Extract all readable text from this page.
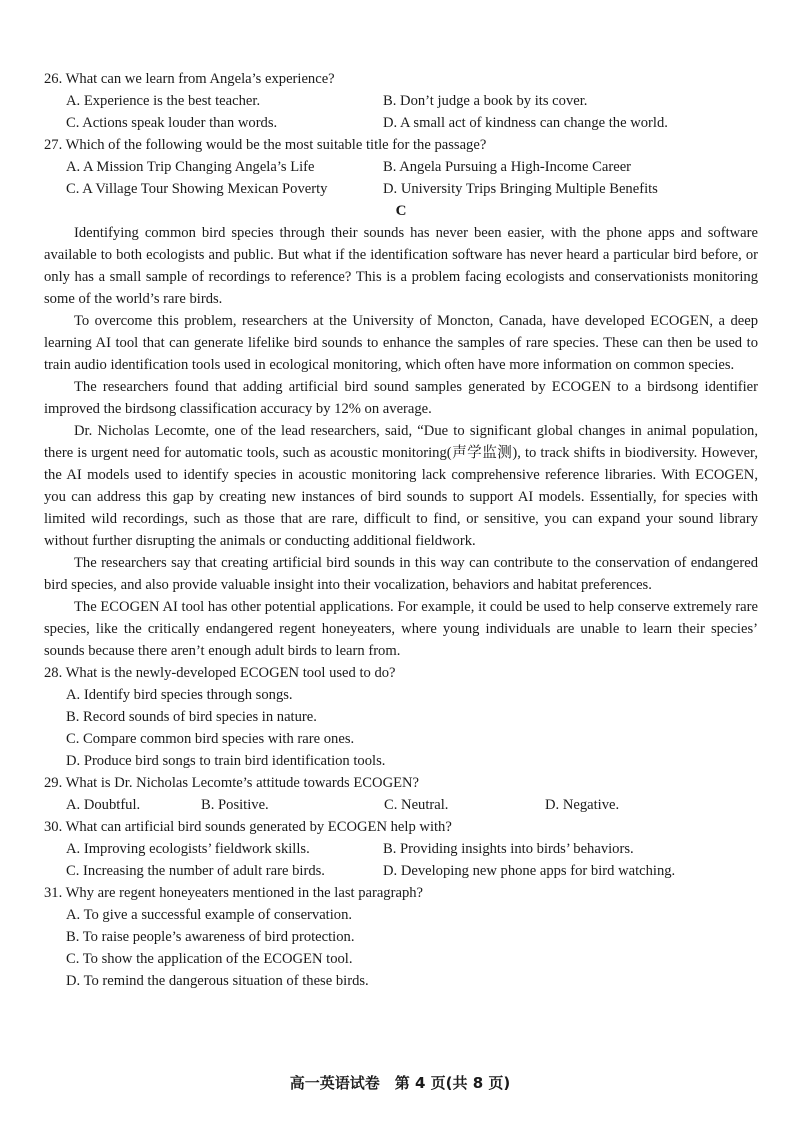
26. What can we learn from Angela’s experience?
A. Experience is the best teacher.	B. Don’t judge a book by its cover.
C. Actions speak louder than words.	D. A small act of kindness can change the world.
27. Which of the following would be the most suitable title for the passage?
A. A Mission Trip Changing Angela’s Life	B. Angela Pursuing a High-Income Career
C. A Village Tour Showing Mexican Poverty	D. University Trips Bringing Multiple Benefits
C

Identifying common bird species through their sounds has never been easier, with the phone apps and software available to both ecologists and public. But what if the identification software has never heard a particular bird before, or only has a small sample of recordings to reference? This is a problem facing ecologists and conservationists monitoring some of the world’s rare birds.

To overcome this problem, researchers at the University of Moncton, Canada, have developed ECOGEN, a deep learning AI tool that can generate lifelike bird sounds to enhance the samples of rare species. These can then be used to train audio identification tools used in ecological monitoring, which often have more information on common species.

The researchers found that adding artificial bird sound samples generated by ECOGEN to a birdsong identifier improved the birdsong classification accuracy by 12% on average.

Dr. Nicholas Lecomte, one of the lead researchers, said, “Due to significant global changes in animal population, there is urgent need for automatic tools, such as acoustic monitoring(声学监测), to track shifts in biodiversity. However, the AI models used to identify species in acoustic monitoring lack comprehensive reference libraries. With ECOGEN, you can address this gap by creating new instances of bird sounds to support AI models. Essentially, for species with limited wild recordings, such as those that are rare, difficult to find, or sensitive, you can expand your sound library without further disrupting the animals or conducting additional fieldwork.

The researchers say that creating artificial bird sounds in this way can contribute to the conservation of endangered bird species, and also provide valuable insight into their vocalization, behaviors and habitat preferences.

The ECOGEN AI tool has other potential applications. For example, it could be used to help conserve extremely rare species, like the critically endangered regent honeyeaters, where young individuals are unable to learn their species’ sounds because there aren’t enough adult birds to learn from.

28. What is the newly-developed ECOGEN tool used to do?
A. Identify bird species through songs.
B. Record sounds of bird species in nature.
C. Compare common bird species with rare ones.
D. Produce bird songs to train bird identification tools.
29. What is Dr. Nicholas Lecomte’s attitude towards ECOGEN?
A. Doubtful.	B. Positive.	C. Neutral.	D. Negative.
30. What can artificial bird sounds generated by ECOGEN help with?
A. Improving ecologists’ fieldwork skills.	B. Providing insights into birds’ behaviors.
C. Increasing the number of adult rare birds.	D. Developing new phone apps for bird watching.
31. Why are regent honeyeaters mentioned in the last paragraph?
A. To give a successful example of conservation.
B. To raise people’s awareness of bird protection.
C. To show the application of the ECOGEN tool.
D. To remind the dangerous situation of these birds.
高一英语试卷　第 4 页(共 8 页)
